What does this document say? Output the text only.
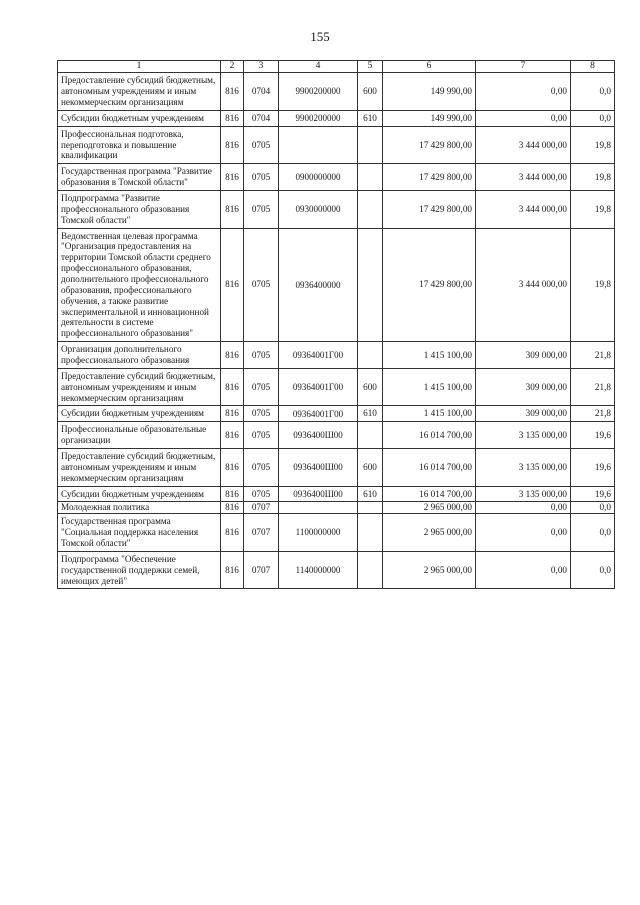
155
1	2	3	4	5	6	7	8
Предоставление субсидий бюджетным, автономным учреждениям и иным некоммерческим организациям	816	0704	9900200000	600	149 990,00	0,00	0,0
Субсидии бюджетным учреждениям	816	0704	9900200000	610	149 990,00	0,00	0,0
Профессиональная подготовка, переподготовка и повышение квалификации	816	0705			17 429 800,00	3 444 000,00	19,8
Государственная программа "Развитие образования в Томской области"	816	0705	0900000000		17 429 800,00	3 444 000,00	19,8
Подпрограмма "Развитие профессионального образования Томской области"	816	0705	0930000000		17 429 800,00	3 444 000,00	19,8
Ведомственная целевая программа "Организация предоставления на территории Томской области среднего профессионального образования, дополнительного профессионального образования, профессионального обучения, а также развитие экспериментальной и инновационной деятельности в системе профессионального образования"	816	0705	0936400000		17 429 800,00	3 444 000,00	19,8
Организация дополнительного профессионального образования	816	0705	09364001Г00		1 415 100,00	309 000,00	21,8
Предоставление субсидий бюджетным, автономным учреждениям и иным некоммерческим организациям	816	0705	09364001Г00	600	1 415 100,00	309 000,00	21,8
Субсидии бюджетным учреждениям	816	0705	09364001Г00	610	1 415 100,00	309 000,00	21,8
Профессиональные образовательные организации	816	0705	0936400Ш00		16 014 700,00	3 135 000,00	19,6
Предоставление субсидий бюджетным, автономным учреждениям и иным некоммерческим организациям	816	0705	0936400Ш00	600	16 014 700,00	3 135 000,00	19,6
Субсидии бюджетным учреждениям	816	0705	0936400Ш00	610	16 014 700,00	3 135 000,00	19,6
Молодежная политика	816	0707			2 965 000,00	0,00	0,0
Государственная программа "Социальная поддержка населения Томской области"	816	0707	1100000000		2 965 000,00	0,00	0,0
Подпрограмма "Обеспечение государственной поддержки семей, имеющих детей"	816	0707	1140000000		2 965 000,00	0,00	0,0
